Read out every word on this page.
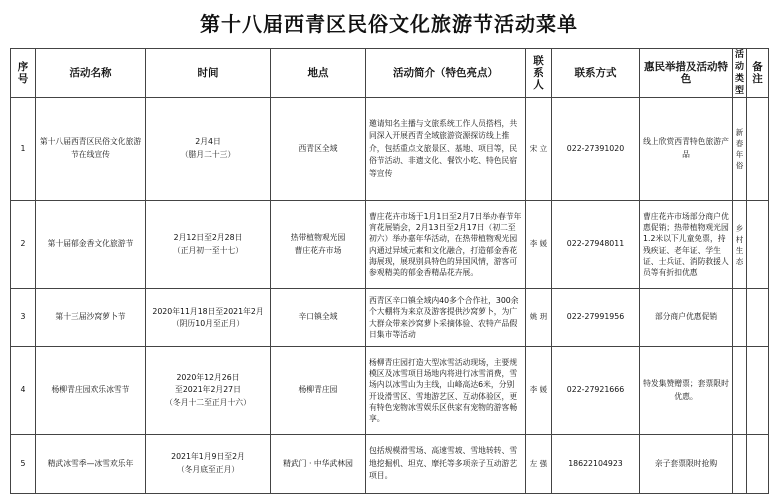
第十八届西青区民俗文化旅游节活动菜单
序号	活动名称	时间	地点	活动简介（特色亮点）	联系人	联系方式	惠民举措及活动特色	活动类型	备注
1	第十八届西青区民俗文化旅游节在线宣传	2月4日
（腊月二十三）	西青区全域	邀请知名主播与文旅系统工作人员搭档，共同深入开展西青全域旅游资源探访线上推介，包括重点文旅景区、基地、项目等，民俗节活动、非遗文化、餐饮小吃、特色民宿等宣传	宋 立	022-27391020	线上欣赏西青特色旅游产品	新春年俗	
2	第十届郁金香文化旅游节	2月12日至2月28日
（正月初一至十七）	热带植物观光园
曹庄花卉市场	曹庄花卉市场于1月1日至2月7日举办春节年宵花展销会，2月13日至2月17日（初二至初六）举办嘉年华活动，在热带植物观光园内通过异域元素和文化融合，打造郁金香花海展现，展现别具特色的异国风情，游客可参观精美的郁金香精品花卉展。	李 媛	022-27948011	曹庄花卉市场部分商户优惠促销；热带植物观光园1.2米以下儿童免票，持残疾证、老年证、学生证、士兵证、消防救援人员等有折扣优惠	乡村生态	
3	第十三届沙窝萝卜节	2020年11月18日至2021年2月
（阴历10月至正月）	辛口镇全域	西青区辛口镇全域内40多个合作社，300余个大棚将为来京及游客提供沙窝萝卜，为广大群众带来沙窝萝卜采摘体验、农特产品假日集市等活动	姚 玥	022-27991956	部分商户优惠促销		
4	杨柳青庄园欢乐冰雪节	2020年12月26日
至2021年2月27日
（冬月十二至正月十六）	杨柳青庄园	杨柳青庄园打造大型冰雪活动现场，主要规模区及冰雪项目场地内将进行冰雪消费，雪场内以冰雪山为主线，山峰高达6米，分别开设滑雪区、雪地游艺区、互动体验区，更有特色宠物冰雪娱乐区供家有宠物的游客畅享。	李 媛	022-27921666	特发集赞赠票；套票限时优惠。		
5	精武冰雪季—冰雪欢乐年	2021年1月9日至2月
（冬月底至正月）	精武门 · 中华武林园	包括规模滑雪场、高速雪坡、雪地转转、雪地挖掘机、坦克、摩托等多项亲子互动游艺项目。	左 强	18622104923	亲子套票限时抢购		
